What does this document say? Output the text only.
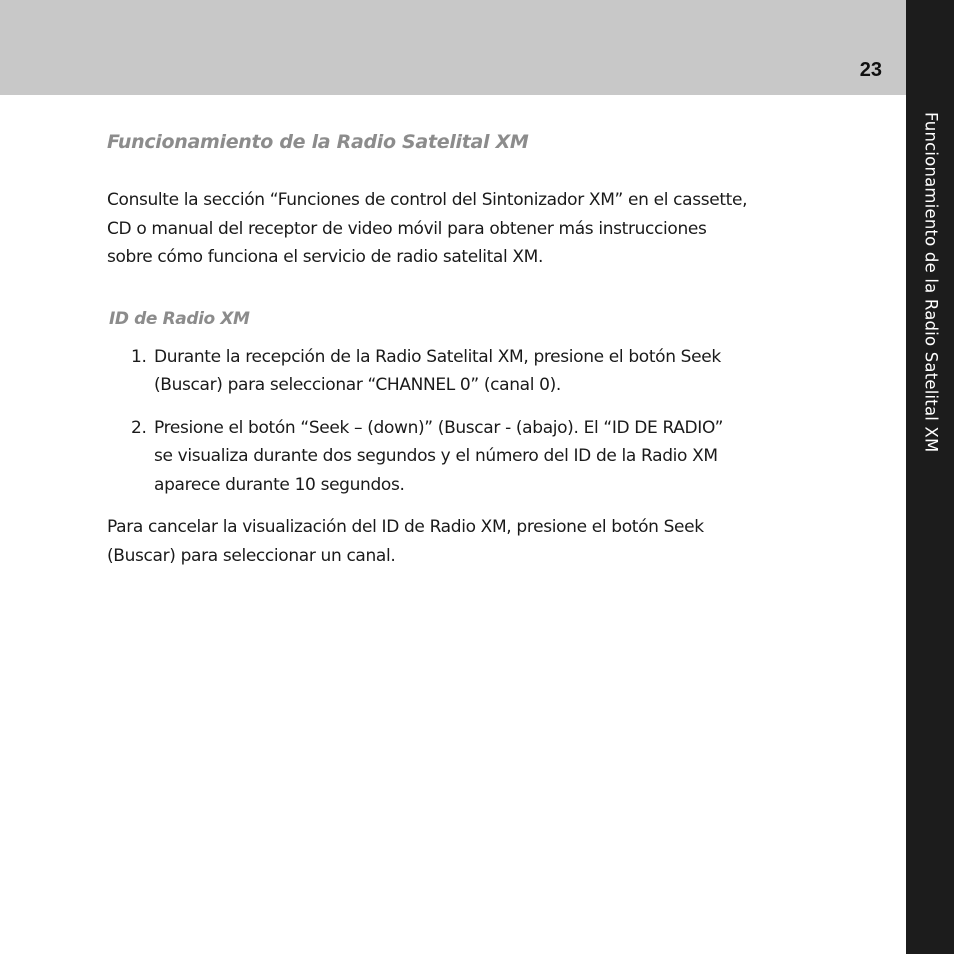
23
Funcionamiento de la Radio Satelital XM
Funcionamiento de la Radio Satelital XM

Consulte la sección “Funciones de control del Sintonizador XM” en el cassette,
CD o manual del receptor de video móvil para obtener más instrucciones
sobre cómo funciona el servicio de radio satelital XM.

ID de Radio XM
1. Durante la recepción de la Radio Satelital XM, presione el botón Seek
(Buscar) para seleccionar “CHANNEL 0” (canal 0).
2. Presione el botón “Seek – (down)” (Buscar - (abajo). El “ID DE RADIO”
se visualiza durante dos segundos y el número del ID de la Radio XM
aparece durante 10 segundos.

Para cancelar la visualización del ID de Radio XM, presione el botón Seek
(Buscar) para seleccionar un canal.
